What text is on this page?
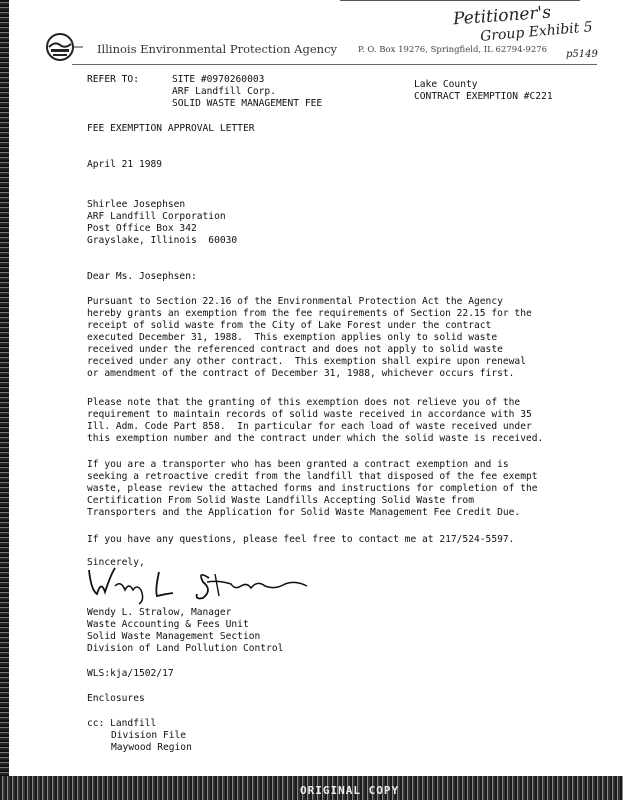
Illinois Environmental Protection Agency P. O. Box 19276, Springfield, IL 62794-9276
Petitioner's
Group Exhibit 5
p5149
REFER TO:	SITE #0970260003
ARF Landfill Corp.
SOLID WASTE MANAGEMENT FEE
Lake County
CONTRACT EXEMPTION #C221
FEE EXEMPTION APPROVAL LETTER
April 21 1989
Shirlee Josephsen
ARF Landfill Corporation
Post Office Box 342
Grayslake, Illinois  60030
Dear Ms. Josephsen:
Pursuant to Section 22.16 of the Environmental Protection Act the Agency
hereby grants an exemption from the fee requirements of Section 22.15 for the
receipt of solid waste from the City of Lake Forest under the contract
executed December 31, 1988.  This exemption applies only to solid waste
received under the referenced contract and does not apply to solid waste
received under any other contract.  This exemption shall expire upon renewal
or amendment of the contract of December 31, 1988, whichever occurs first.
Please note that the granting of this exemption does not relieve you of the
requirement to maintain records of solid waste received in accordance with 35
Ill. Adm. Code Part 858.  In particular for each load of waste received under
this exemption number and the contract under which the solid waste is received.
If you are a transporter who has been granted a contract exemption and is
seeking a retroactive credit from the landfill that disposed of the fee exempt
waste, please review the attached forms and instructions for completion of the
Certification From Solid Waste Landfills Accepting Solid Waste from
Transporters and the Application for Solid Waste Management Fee Credit Due.
If you have any questions, please feel free to contact me at 217/524-5597.
Sincerely,
Wendy L. Stralow, Manager
Waste Accounting & Fees Unit
Solid Waste Management Section
Division of Land Pollution Control
WLS:kja/1502/17
Enclosures
cc: Landfill
Division File
Maywood Region
ORIGINAL COPY
